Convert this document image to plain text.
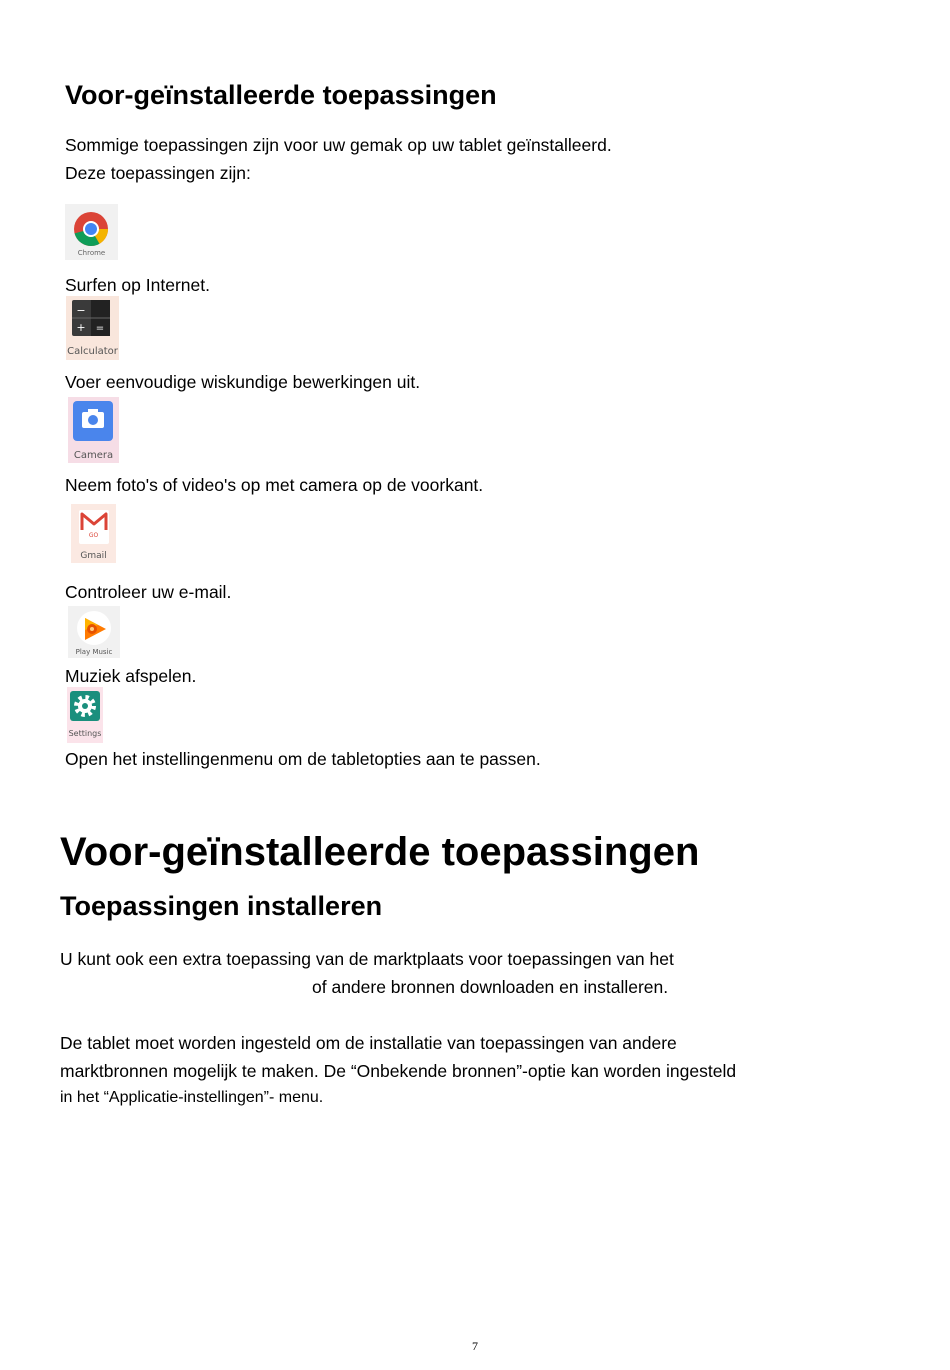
Voor-geïnstalleerde toepassingen
Sommige toepassingen zijn voor uw gemak op uw tablet geïnstalleerd.
Deze toepassingen zijn:
Chrome
Surfen op Internet.
−
+ =
Calculator
Voer eenvoudige wiskundige bewerkingen uit.
Camera
Neem foto's of video's op met camera op de voorkant.
GO
Gmail
Controleer uw e-mail.
Play Music
Muziek afspelen.
Settings
Open het instellingenmenu om de tabletopties aan te passen.
Voor-geïnstalleerde toepassingen
Toepassingen installeren
U kunt ook een extra toepassing van de marktplaats voor toepassingen van het
of andere bronnen downloaden en installeren.
De tablet moet worden ingesteld om de installatie van toepassingen van andere
marktbronnen mogelijk te maken. De “Onbekende bronnen”-optie kan worden ingesteld
in het “Applicatie-instellingen”- menu.
7
